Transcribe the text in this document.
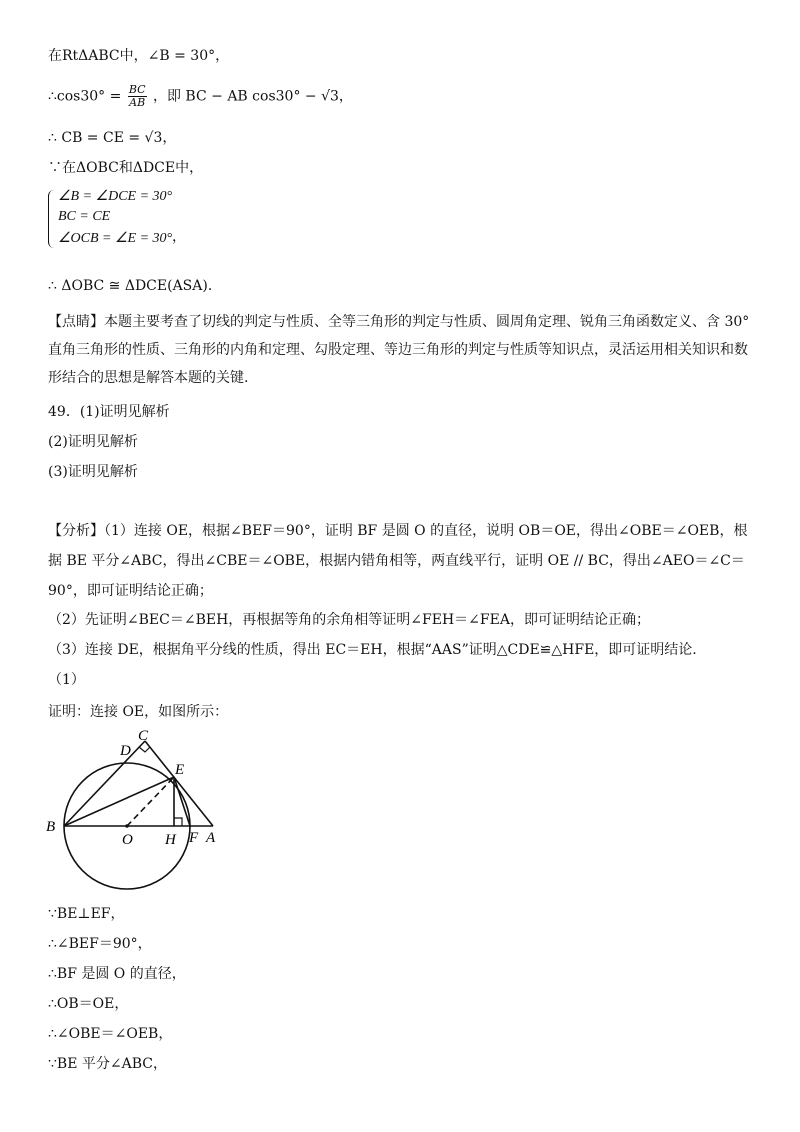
在RtΔABC中，∠B = 30°，
∴cos30° = $\frac{BC}{AB}$ ，即 BC − AB cos30° − √3，
∴ CB = CE = √3，
∵在ΔOBC和ΔDCE中，
∠B = ∠DCE = 30°
BC = CE
∠OCB = ∠E = 30° ，
∴ ΔOBC ≅ ΔDCE(ASA)．
【点睛】本题主要考查了切线的判定与性质、全等三角形的判定与性质、圆周角定理、锐角三角函数定义、含 30° 直角三角形的性质、三角形的内角和定理、勾股定理、等边三角形的判定与性质等知识点，灵活运用相关知识和数形结合的思想是解答本题的关键.
49．(1)证明见解析
(2)证明见解析
(3)证明见解析
【分析】（1）连接 OE，根据∠BEF＝90°，证明 BF 是圆 O 的直径，说明 OB＝OE，得出∠OBE＝∠OEB，根据 BE 平分∠ABC，得出∠CBE＝∠OBE，根据内错角相等，两直线平行，证明 OE // BC，得出∠AEO＝∠C＝90°，即可证明结论正确；
（2）先证明∠BEC＝∠BEH，再根据等角的余角相等证明∠FEH＝∠FEA，即可证明结论正确；
（3）连接 DE，根据角平分线的性质，得出 EC＝EH，根据“AAS”证明△CDE≌△HFE，即可证明结论.
（1）
证明：连接 OE，如图所示：
B
C
D
E
O H F A
∵BE⊥EF，
∴∠BEF＝90°，
∴BF 是圆 O 的直径，
∴OB＝OE，
∴∠OBE＝∠OEB，
∵BE 平分∠ABC，
